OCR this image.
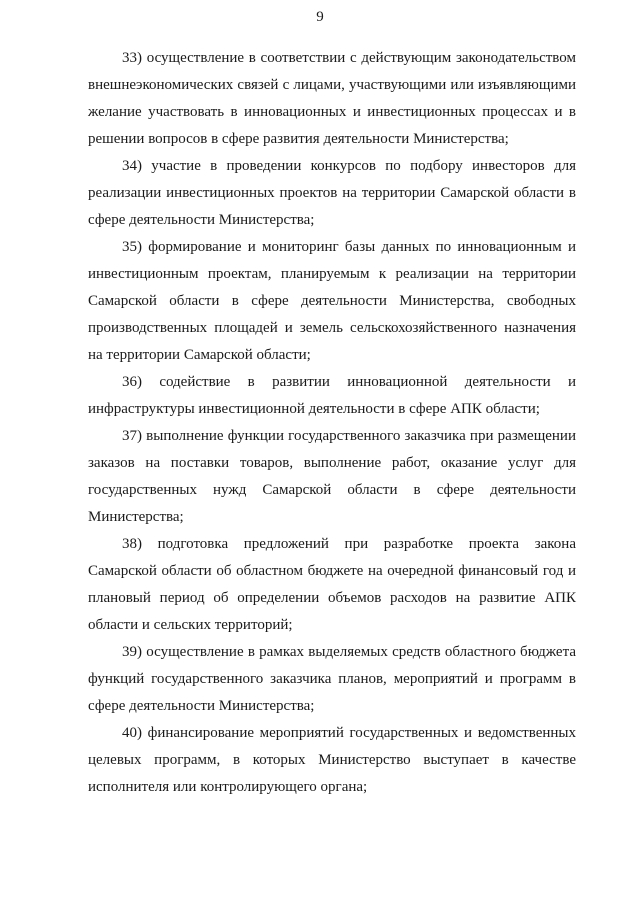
9

33) осуществление в соответствии с действующим законодательством внешнеэкономических связей с лицами, участвующими или изъявляющими желание участвовать в инновационных и инвестиционных процессах и в решении вопросов в сфере развития деятельности Министерства;

34) участие в проведении конкурсов по подбору инвесторов для реализации инвестиционных проектов на территории Самарской области в сфере деятельности Министерства;

35) формирование и мониторинг базы данных по инновационным и инвестиционным проектам, планируемым к реализации на территории Самарской области в сфере деятельности Министерства, свободных производственных площадей и земель сельскохозяйственного назначения на территории Самарской области;

36) содействие в развитии инновационной деятельности и инфраструктуры инвестиционной деятельности в сфере АПК области;

37) выполнение функции государственного заказчика при размещении заказов на поставки товаров, выполнение работ, оказание услуг для государственных нужд Самарской области в сфере деятельности Министерства;

38) подготовка предложений при разработке проекта закона Самарской области об областном бюджете на очередной финансовый год и плановый период об определении объемов расходов на развитие АПК области и сельских территорий;

39) осуществление в рамках выделяемых средств областного бюджета функций государственного заказчика планов, мероприятий и программ в сфере деятельности Министерства;

40) финансирование мероприятий государственных и ведомственных целевых программ, в которых Министерство выступает в качестве исполнителя или контролирующего органа;
